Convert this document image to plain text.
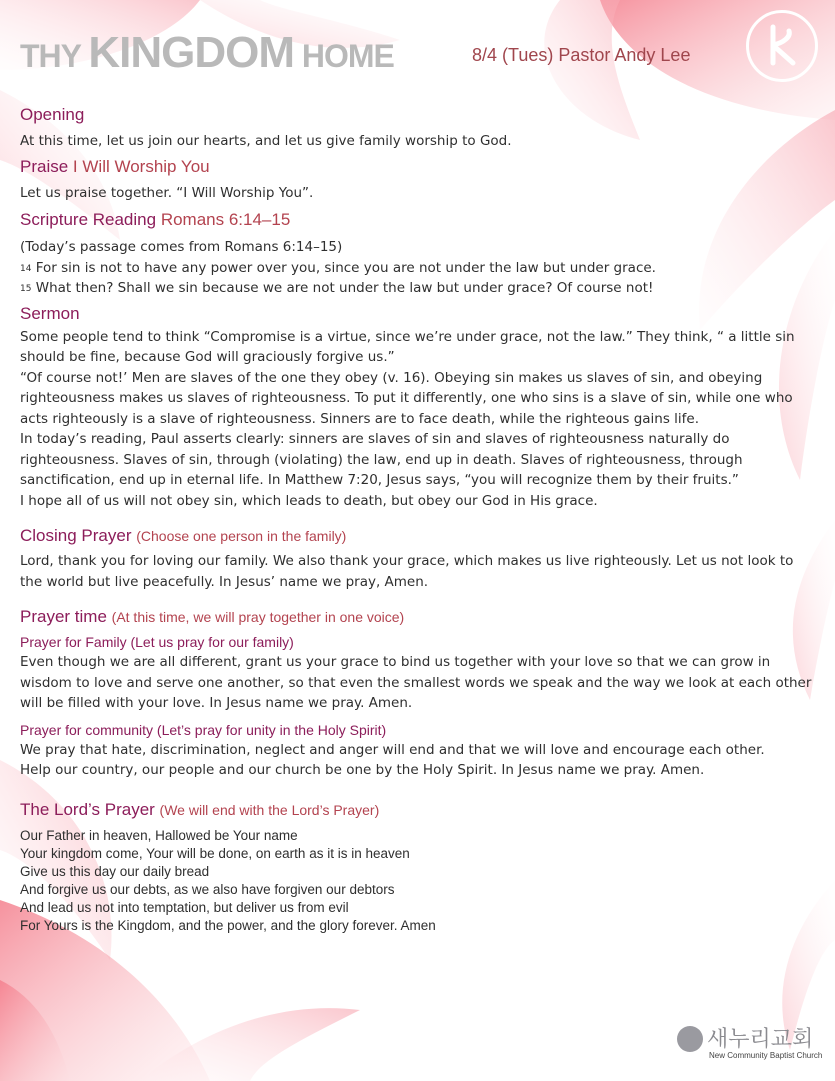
THY KINGDOM HOME	8/4 (Tues) Pastor Andy Lee

Opening

At this time, let us join our hearts, and let us give family worship to God.

Praise I Will Worship You

Let us praise together. “I Will Worship You”.

Scripture Reading Romans 6:14–15

(Today’s passage comes from Romans 6:14–15)

$^{14}$ For sin is not to have any power over you, since you are not under the law but under grace.

$^{15}$ What then? Shall we sin because we are not under the law but under grace? Of course not!

Sermon

Some people tend to think “Compromise is a virtue, since we’re under grace, not the law.” They think, “ a little sin should be fine, because God will graciously forgive us.”

“Of course not!’ Men are slaves of the one they obey (v. 16). Obeying sin makes us slaves of sin, and obeying righteousness makes us slaves of righteousness. To put it differently, one who sins is a slave of sin, while one who acts righteously is a slave of righteousness. Sinners are to face death, while the righteous gains life.

In today’s reading, Paul asserts clearly: sinners are slaves of sin and slaves of righteousness naturally do righteousness. Slaves of sin, through (violating) the law, end up in death. Slaves of righteousness, through sanctification, end up in eternal life. In Matthew 7:20, Jesus says, “you will recognize them by their fruits.”

I hope all of us will not obey sin, which leads to death, but obey our God in His grace.

Closing Prayer (Choose one person in the family)

Lord, thank you for loving our family. We also thank your grace, which makes us live righteously. Let us not look to

the world but live peacefully. In Jesus’ name we pray, Amen.

Prayer time (At this time, we will pray together in one voice)

Prayer for Family (Let us pray for our family)

Even though we are all different, grant us your grace to bind us together with your love so that we can grow in wisdom to love and serve one another, so that even the smallest words we speak and the way we look at each other will be filled with your love. In Jesus name we pray. Amen.

Prayer for community (Let’s pray for unity in the Holy Spirit)

We pray that hate, discrimination, neglect and anger will end and that we will love and encourage each other.

Help our country, our people and our church be one by the Holy Spirit. In Jesus name we pray. Amen.

The Lord’s Prayer (We will end with the Lord’s Prayer)

Our Father in heaven, Hallowed be Your name

Your kingdom come, Your will be done, on earth as it is in heaven

Give us this day our daily bread

And forgive us our debts, as we also have forgiven our debtors

And lead us not into temptation, but deliver us from evil

For Yours is the Kingdom, and the power, and the glory forever. Amen

새누리교회
New Community Baptist Church
